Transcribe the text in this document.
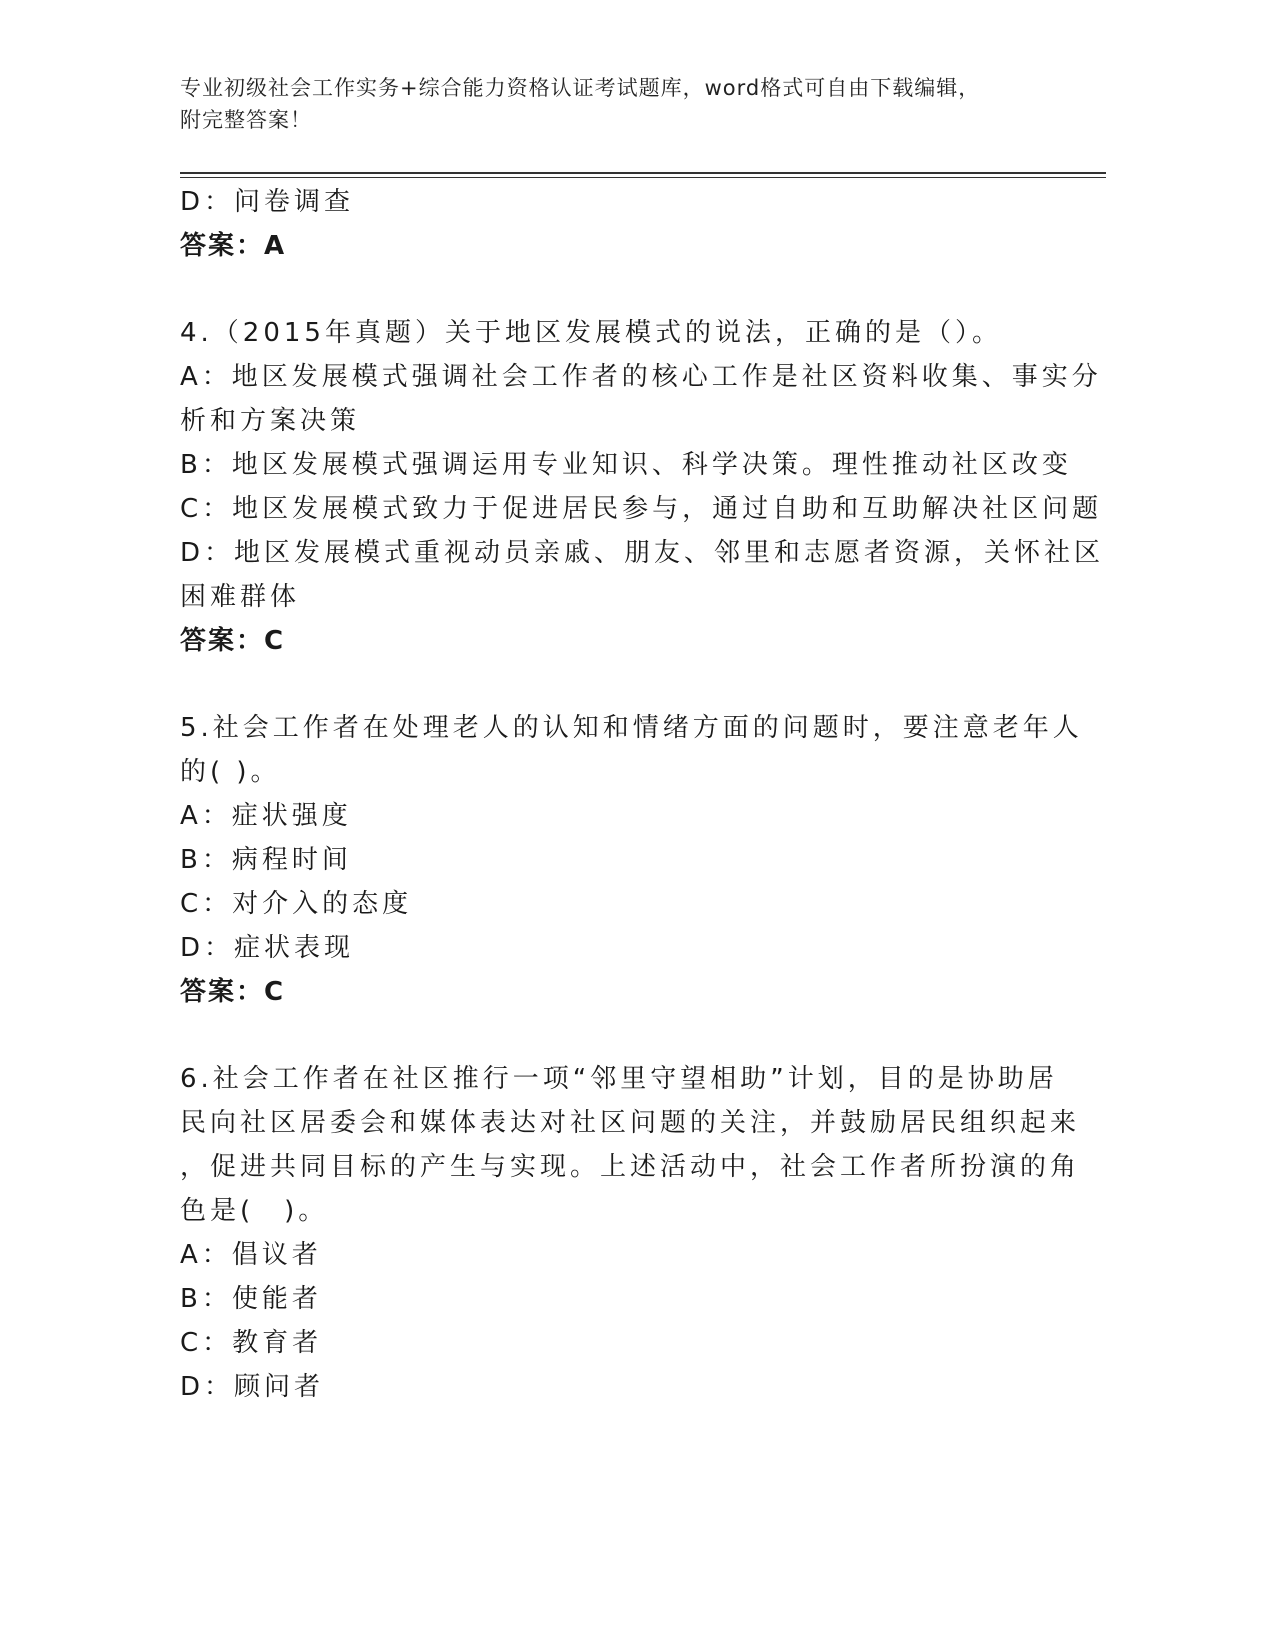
专业初级社会工作实务+综合能力资格认证考试题库，word格式可自由下载编辑，
附完整答案！
D：问卷调查
答案：A
4.（2015年真题）关于地区发展模式的说法，正确的是（）。
A：地区发展模式强调社会工作者的核心工作是社区资料收集、事实分
析和方案决策
B：地区发展模式强调运用专业知识、科学决策。理性推动社区改变
C：地区发展模式致力于促进居民参与，通过自助和互助解决社区问题
D：地区发展模式重视动员亲戚、朋友、邻里和志愿者资源，关怀社区
困难群体
答案：C
5.社会工作者在处理老人的认知和情绪方面的问题时，要注意老年人
的( )。
A：症状强度
B：病程时间
C：对介入的态度
D：症状表现
答案：C
6.社会工作者在社区推行一项“邻里守望相助”计划，目的是协助居
民向社区居委会和媒体表达对社区问题的关注，并鼓励居民组织起来
，促进共同目标的产生与实现。上述活动中，社会工作者所扮演的角
色是(　)。
A：倡议者
B：使能者
C：教育者
D：顾问者
